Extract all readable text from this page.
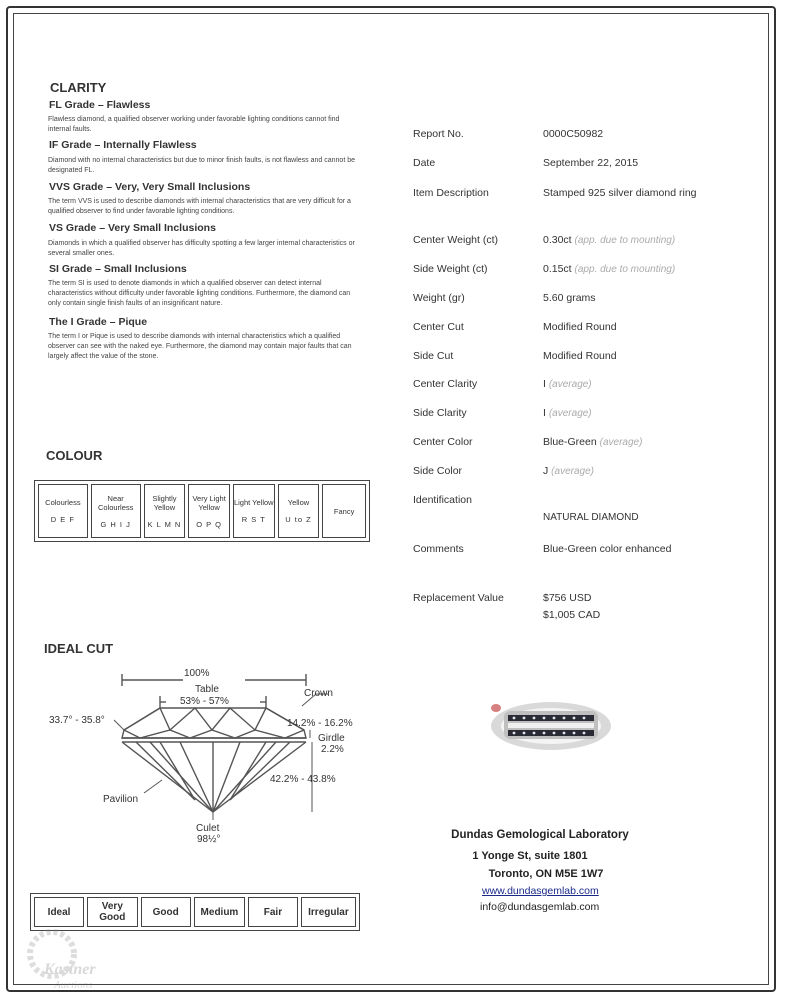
CLARITY
FL Grade – Flawless
Flawless diamond, a qualified observer working under favorable lighting conditions cannot find internal faults.
IF Grade – Internally Flawless
Diamond with no internal characteristics but due to minor finish faults, is not flawless and cannot be designated FL.
VVS Grade – Very, Very Small Inclusions
The term VVS is used to describe diamonds with internal characteristics that are very difficult for a qualified observer to find under favorable lighting conditions.
VS Grade – Very Small Inclusions
Diamonds in which a qualified observer has difficulty spotting a few larger internal characteristics or several smaller ones.
SI Grade – Small Inclusions
The term SI is used to denote diamonds in which a qualified observer can detect internal characteristics without difficulty under favorable lighting conditions. Furthermore, the diamond can only contain single finish faults of an insignificant nature.
The I Grade – Pique
The term I or Pique is used to describe diamonds with internal characteristics which a qualified observer can see with the naked eye. Furthermore, the diamond may contain major faults that can largely affect the value of the stone.
COLOUR
Colourless
D E F

Near Colourless
G H I J

Slightly Yellow
K L M N

Very Light Yellow
O P Q

Light Yellow
R S T

Yellow
U to Z

Fancy
IDEAL CUT
100%
Table
53% - 57%
Crown
33.7° - 35.8°	14.2% - 16.2%
Girdle
2.2%
42.2% - 43.8%
Pavilion
Culet
98½°
Ideal	Very Good	Good	Medium	Fair	Irregular
Report No.	0000C50982
Date	September 22, 2015
Item Description	Stamped 925 silver diamond ring
Center Weight (ct)	0.30ct (app. due to mounting)
Side Weight (ct)	0.15ct (app. due to mounting)
Weight (gr)	5.60 grams
Center Cut	Modified Round
Side Cut	Modified Round
Center Clarity	I (average)
Side Clarity	I (average)
Center Color	Blue-Green (average)
Side Color	J (average)
Identification
NATURAL DIAMOND
Comments	Blue-Green color enhanced
Replacement Value	$756 USD
$1,005 CAD
Dundas Gemological Laboratory
1 Yonge St, suite 1801
Toronto, ON M5E 1W7
www.dundasgemlab.com
info@dundasgemlab.com
Kastner
Auctions
